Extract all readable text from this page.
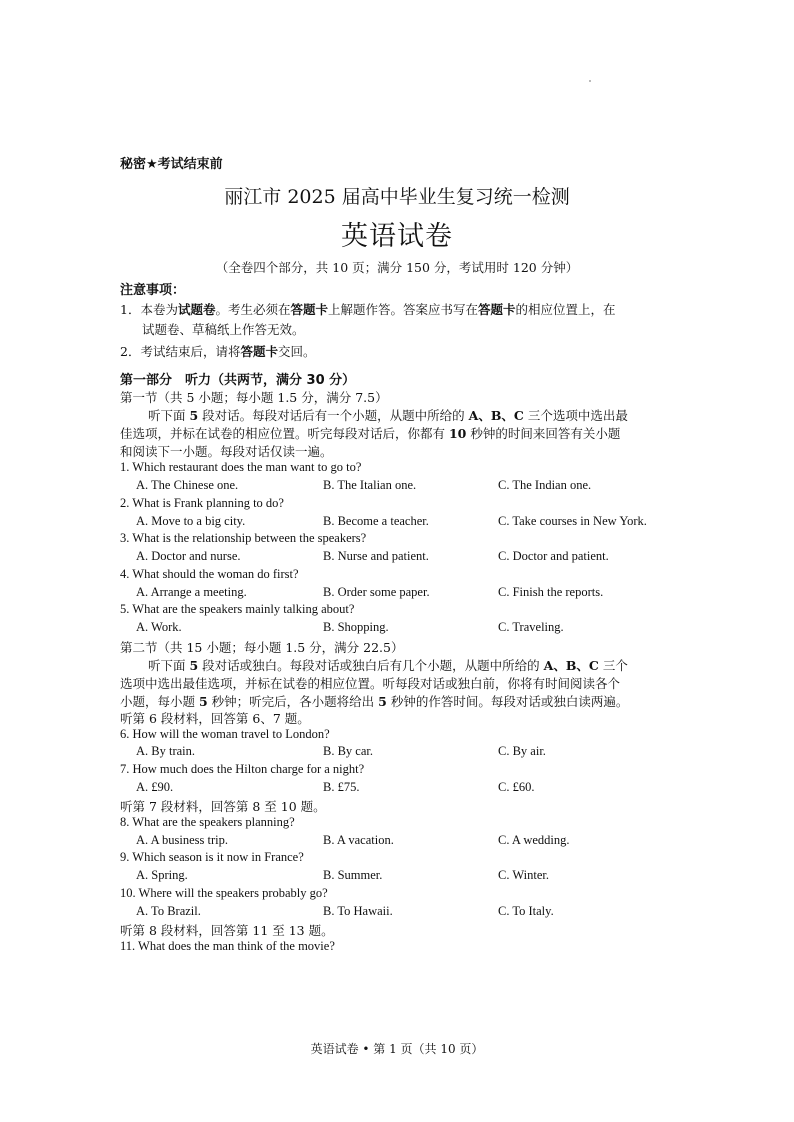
秘密★考试结束前
丽江市 2025 届高中毕业生复习统一检测
英语试卷
（全卷四个部分，共 10 页；满分 150 分，考试用时 120 分钟）
注意事项：
1．本卷为试题卷。考生必须在答题卡上解题作答。答案应书写在答题卡的相应位置上，在
试题卷、草稿纸上作答无效。
2．考试结束后，请将答题卡交回。
第一部分　听力（共两节，满分 30 分）
第一节（共 5 小题；每小题 1.5 分，满分 7.5）
听下面 5 段对话。每段对话后有一个小题，从题中所给的 A、B、C 三个选项中选出最
佳选项，并标在试卷的相应位置。听完每段对话后，你都有 10 秒钟的时间来回答有关小题
和阅读下一小题。每段对话仅读一遍。
1. Which restaurant does the man want to go to?
A. The Chinese one.	B. The Italian one.	C. The Indian one.
2. What is Frank planning to do?
A. Move to a big city.	B. Become a teacher.	C. Take courses in New York.
3. What is the relationship between the speakers?
A. Doctor and nurse.	B. Nurse and patient.	C. Doctor and patient.
4. What should the woman do first?
A. Arrange a meeting.	B. Order some paper.	C. Finish the reports.
5. What are the speakers mainly talking about?
A. Work.	B. Shopping.	C. Traveling.
第二节（共 15 小题；每小题 1.5 分，满分 22.5）
听下面 5 段对话或独白。每段对话或独白后有几个小题，从题中所给的 A、B、C 三个
选项中选出最佳选项，并标在试卷的相应位置。听每段对话或独白前，你将有时间阅读各个
小题，每小题 5 秒钟；听完后，各小题将给出 5 秒钟的作答时间。每段对话或独白读两遍。
听第 6 段材料，回答第 6、7 题。
6. How will the woman travel to London?
A. By train.	B. By car.	C. By air.
7. How much does the Hilton charge for a night?
A. £90.	B. £75.	C. £60.
听第 7 段材料，回答第 8 至 10 题。
8. What are the speakers planning?
A. A business trip.	B. A vacation.	C. A wedding.
9. Which season is it now in France?
A. Spring.	B. Summer.	C. Winter.
10. Where will the speakers probably go?
A. To Brazil.	B. To Hawaii.	C. To Italy.
听第 8 段材料，回答第 11 至 13 题。
11. What does the man think of the movie?
英语试卷 • 第 1 页（共 10 页）
